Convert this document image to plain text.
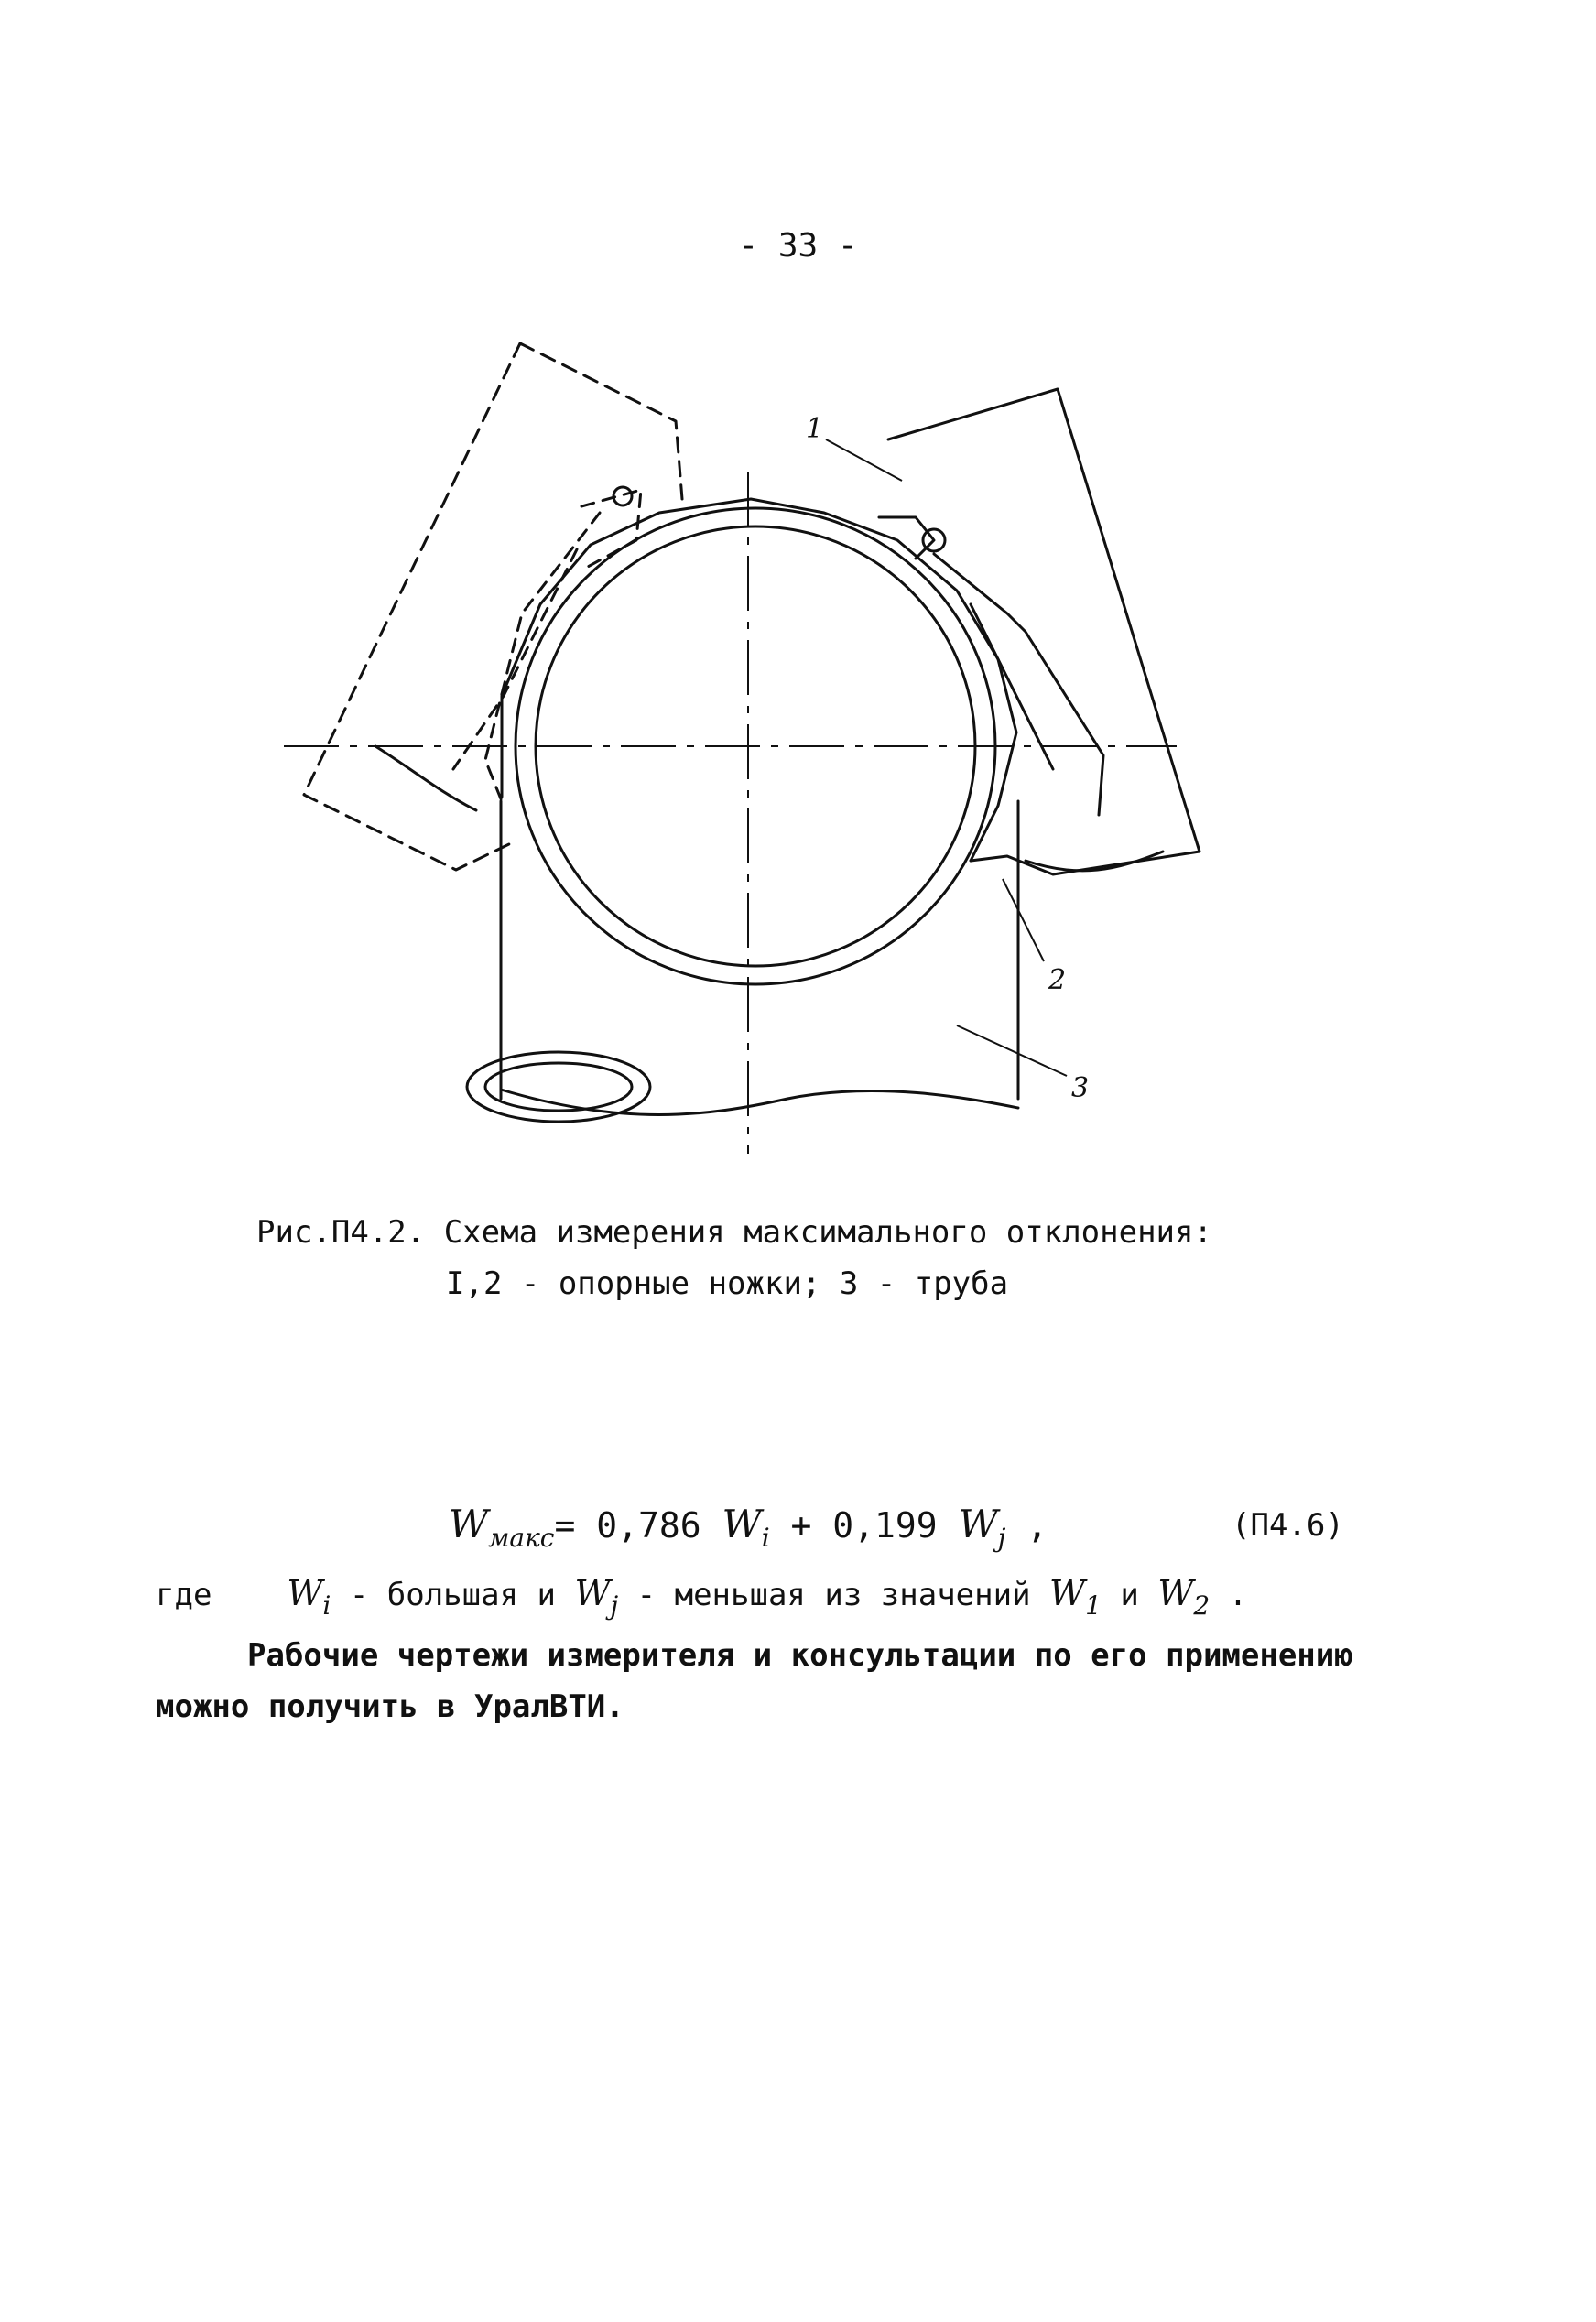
- 33 -
1
2
3
Рис.П4.2. Схема измерения максимального отклонения:
I,2 - опорные ножки; 3 - труба
$W_{макс}= 0,786$ $W_i + 0,199$ $W_j$ ,	(П4.6)
где $W_i$ - большая и $W_j$ - меньшая из значений $W_1$ и $W_2$ .
Рабочие чертежи измерителя и консультации по его применению
можно получить в УралВТИ.
